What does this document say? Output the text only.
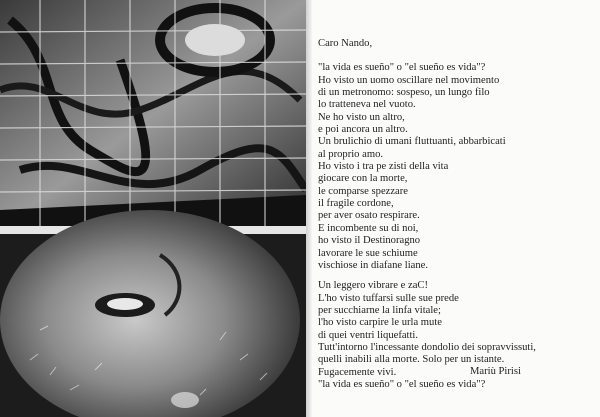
Caro Nando,
"la vida es sueño" o "el sueño es vida"?
Ho visto un uomo oscillare nel movimento
di un metronomo: sospeso, un lungo filo
lo tratteneva nel vuoto.
Ne ho visto un altro,
e poi ancora un altro.
Un brulichio di umani fluttuanti, abbarbicati
al proprio amo.
Ho visto i tra pe zisti della vita
giocare con la morte,
le comparse spezzare
il fragile cordone,
per aver osato respirare.
E incombente su di noi,
ho visto il Destinoragno
lavorare le sue schiume
vischiose in diafane liane.
Un leggero vibrare e zaC!
L'ho visto tuffarsi sulle sue prede
per succhiarne la linfa vitale;
l'ho visto carpire le urla mute
di quei ventri liquefatti.
Tutt'intorno l'incessante dondolio dei sopravvissuti,
quelli inabili alla morte. Solo per un istante.
Fugacemente vivi.
"la vida es sueño" o "el sueño es vida"?
Mariù Pirisi
